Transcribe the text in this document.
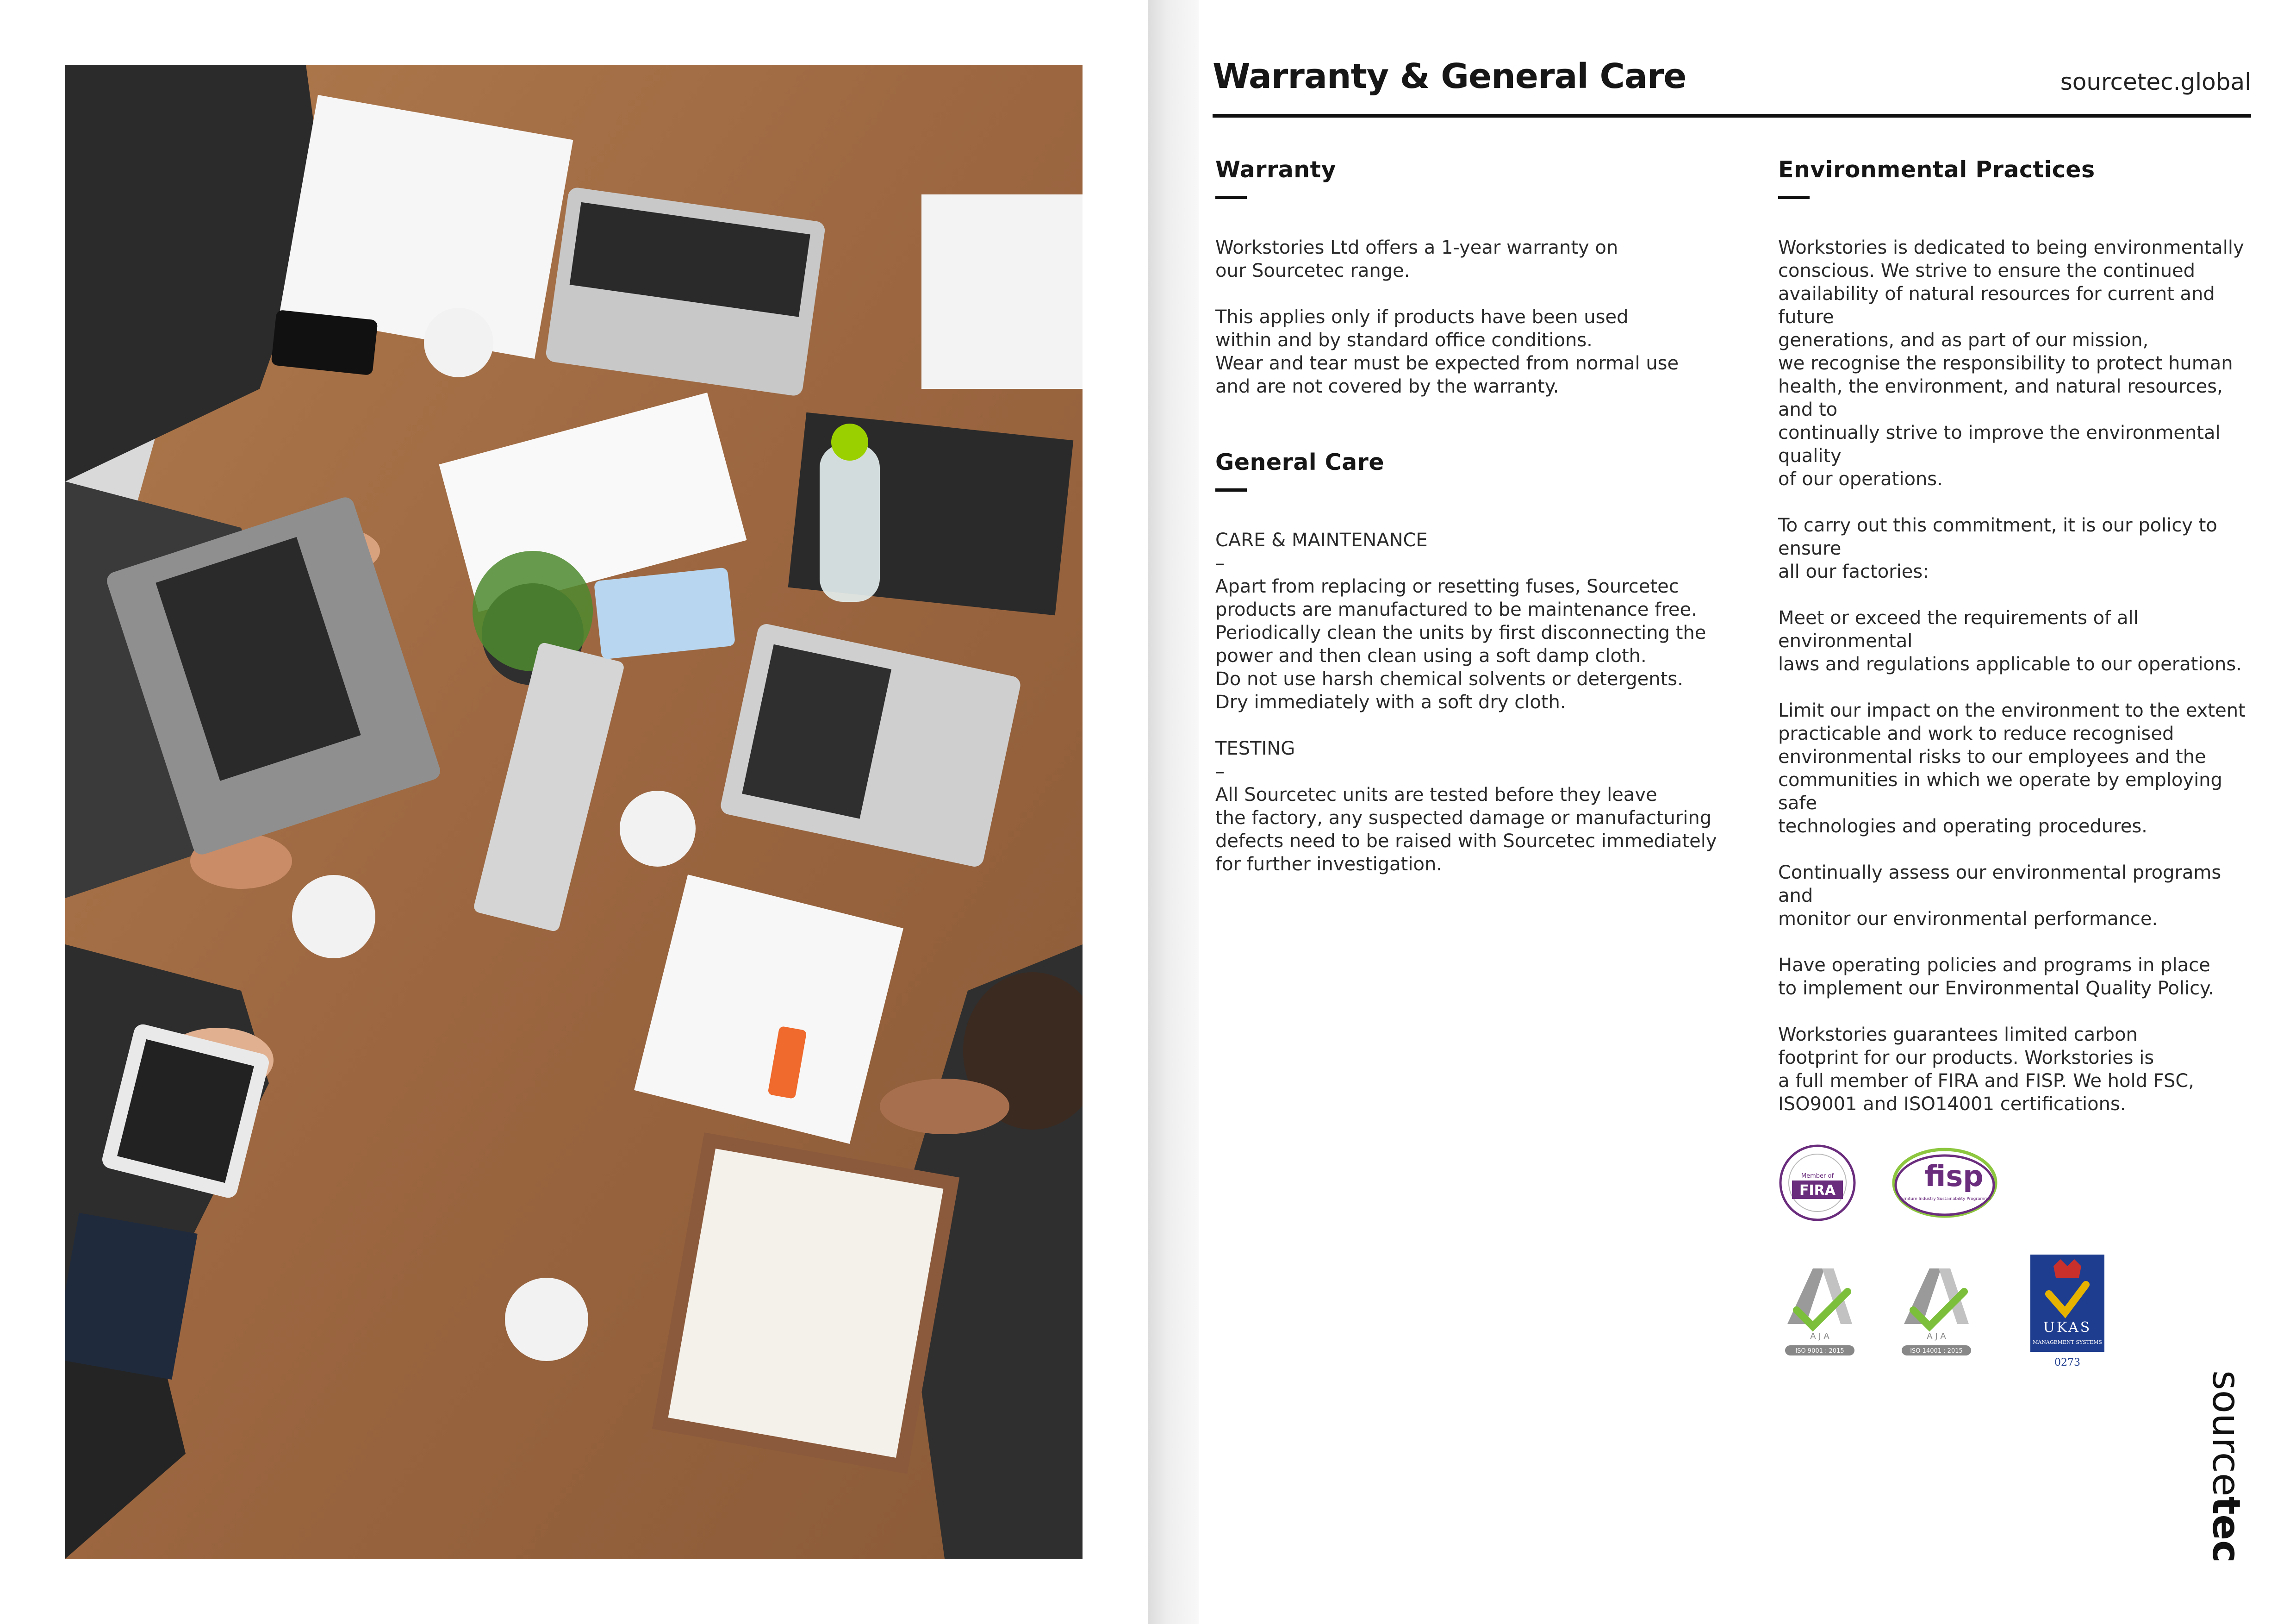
Warranty & General Care	sourcetec.global
Warranty

Workstories Ltd offers a 1-year warranty on
our Sourcetec range.

This applies only if products have been used
within and by standard office conditions.
Wear and tear must be expected from normal use
and are not covered by the warranty.

General Care

CARE & MAINTENANCE
–

Apart from replacing or resetting fuses, Sourcetec
products are manufactured to be maintenance free.
Periodically clean the units by first disconnecting the
power and then clean using a soft damp cloth.
Do not use harsh chemical solvents or detergents.
Dry immediately with a soft dry cloth.

TESTING
–

All Sourcetec units are tested before they leave
the factory, any suspected damage or manufacturing
defects need to be raised with Sourcetec immediately
for further investigation.

Environmental Practices

Workstories is dedicated to being environmentally
conscious. We strive to ensure the continued
availability of natural resources for current and future
generations, and as part of our mission,
we recognise the responsibility to protect human
health, the environment, and natural resources, and to
continually strive to improve the environmental quality
of our operations.

To carry out this commitment, it is our policy to ensure
all our factories:

Meet or exceed the requirements of all environmental
laws and regulations applicable to our operations.

Limit our impact on the environment to the extent
practicable and work to reduce recognised
environmental risks to our employees and the
communities in which we operate by employing safe
technologies and operating procedures.

Continually assess our environmental programs and
monitor our environmental performance.

Have operating policies and programs in place
to implement our Environmental Quality Policy.

Workstories guarantees limited carbon
footprint for our products. Workstories is
a full member of FIRA and FISP. We hold FSC,
ISO9001 and ISO14001 certifications.

Member of
FIRA	fisp
Furniture Industry Sustainability Programme
A J A
ISO 9001 : 2015
A J A
ISO 14001 : 2015
UKAS
MANAGEMENT SYSTEMS
0273
sourcetec
